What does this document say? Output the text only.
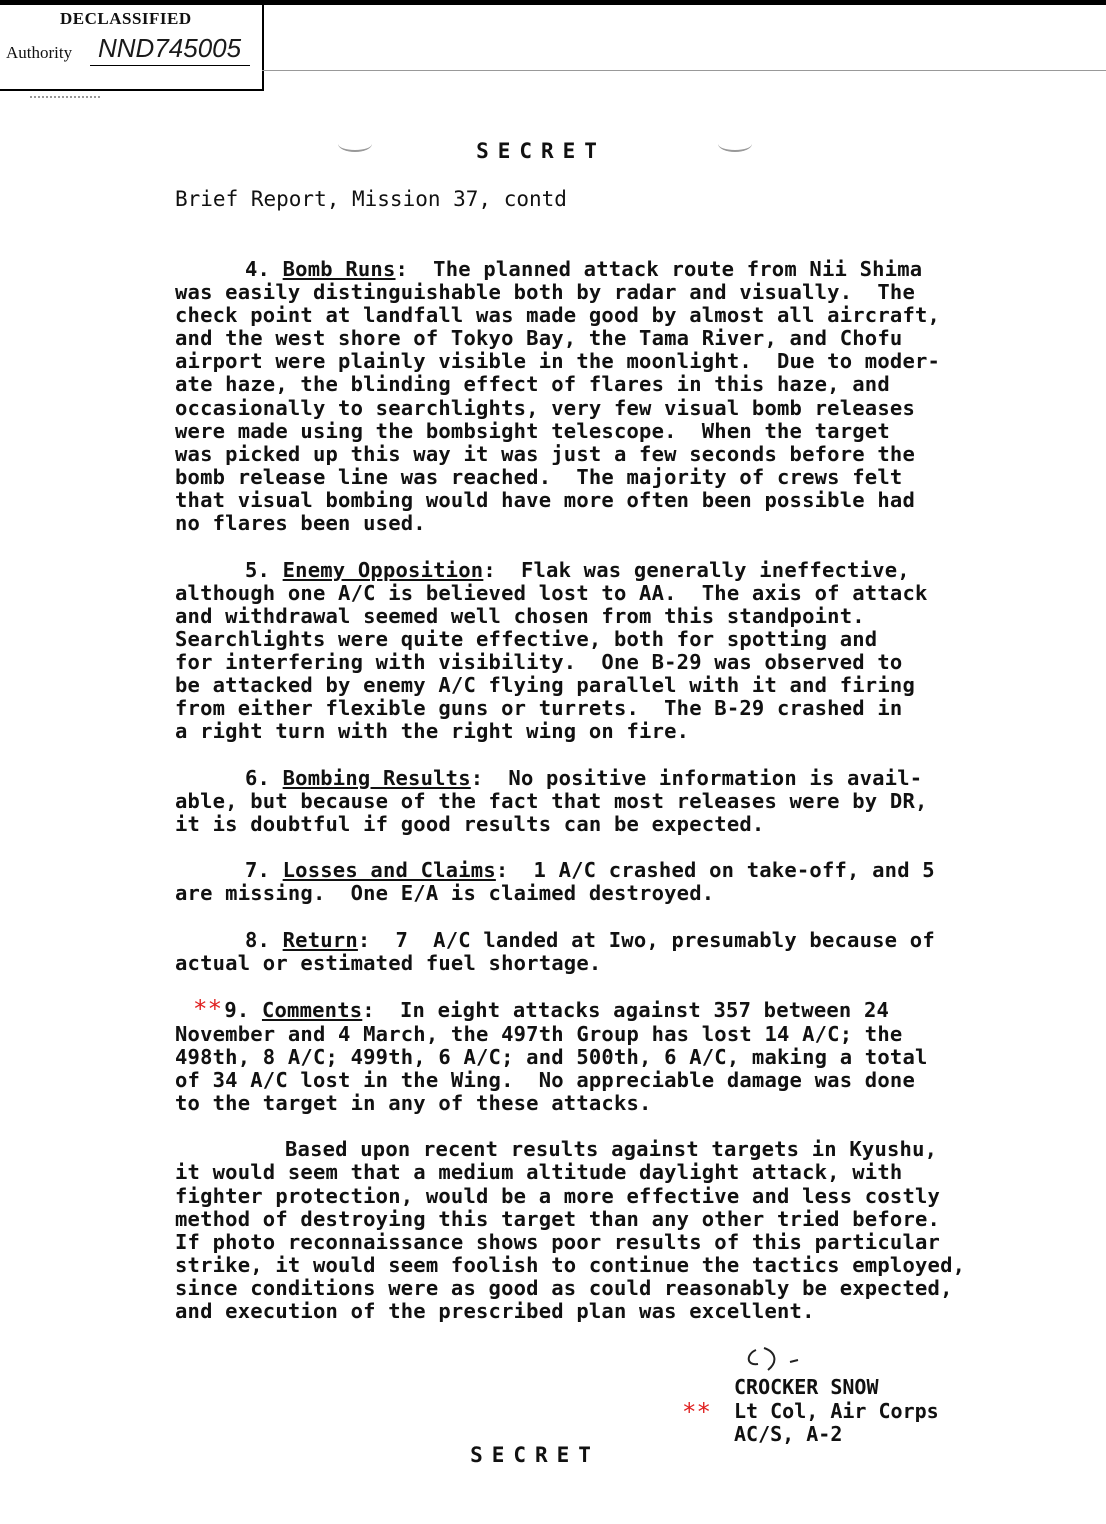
DECLASSIFIED
Authority NND745005
SECRET
Brief Report, Mission 37, contd

4. Bomb Runs:  The planned attack route from Nii Shima
was easily distinguishable both by radar and visually.  The
check point at landfall was made good by almost all aircraft,
and the west shore of Tokyo Bay, the Tama River, and Chofu
airport were plainly visible in the moonlight.  Due to moder-
ate haze, the blinding effect of flares in this haze, and
occasionally to searchlights, very few visual bomb releases
were made using the bombsight telescope.  When the target
was picked up this way it was just a few seconds before the
bomb release line was reached.  The majority of crews felt
that visual bombing would have more often been possible had
no flares been used.

5. Enemy Opposition:  Flak was generally ineffective,
although one A/C is believed lost to AA.  The axis of attack
and withdrawal seemed well chosen from this standpoint.
Searchlights were quite effective, both for spotting and
for interfering with visibility.  One B-29 was observed to
be attacked by enemy A/C flying parallel with it and firing
from either flexible guns or turrets.  The B-29 crashed in
a right turn with the right wing on fire.

6. Bombing Results:  No positive information is avail-
able, but because of the fact that most releases were by DR,
it is doubtful if good results can be expected.

7. Losses and Claims:  1 A/C crashed on take-off, and 5
are missing.  One E/A is claimed destroyed.

8. Return:  7  A/C landed at Iwo, presumably because of
actual or estimated fuel shortage.

**9. Comments:  In eight attacks against 357 between 24
November and 4 March, the 497th Group has lost 14 A/C; the
498th, 8 A/C; 499th, 6 A/C; and 500th, 6 A/C, making a total
of 34 A/C lost in the Wing.  No appreciable damage was done
to the target in any of these attacks.

Based upon recent results against targets in Kyushu,
it would seem that a medium altitude daylight attack, with
fighter protection, would be a more effective and less costly
method of destroying this target than any other tried before.
If photo reconnaissance shows poor results of this particular
strike, it would seem foolish to continue the tactics employed,
since conditions were as good as could reasonably be expected,
and execution of the prescribed plan was excellent.

**
CROCKER SNOW
Lt Col, Air Corps
AC/S, A-2
SECRET
